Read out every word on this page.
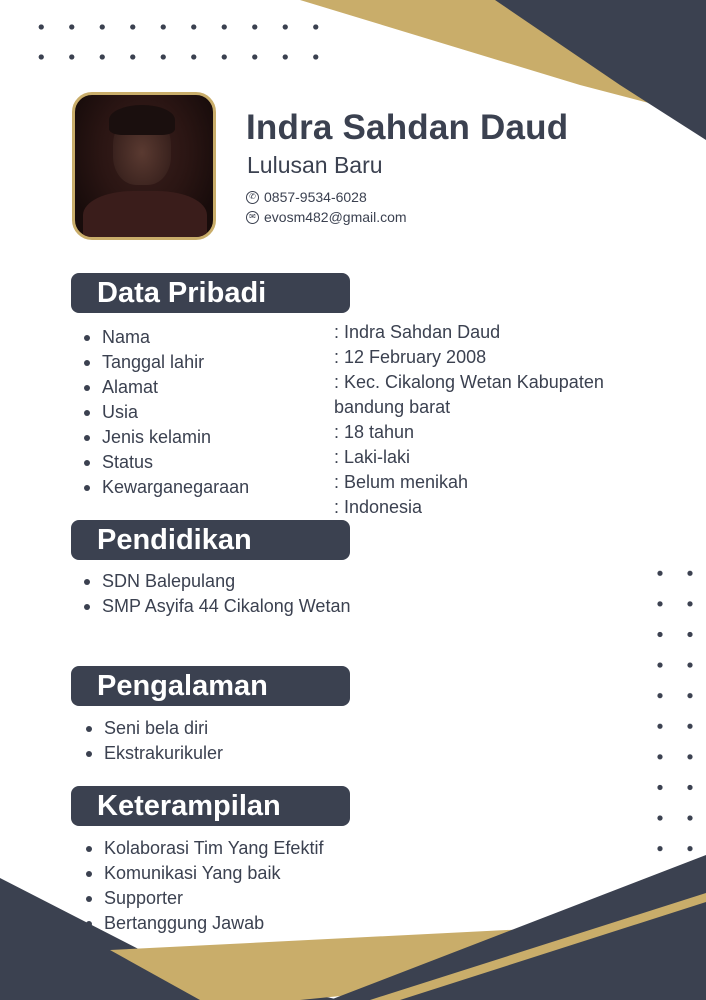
Indra Sahdan Daud
Lulusan Baru
✆ 0857-9534-6028
✉ evosm482@gmail.com
Data Pribadi
Nama
Tanggal lahir
Alamat
Usia
Jenis kelamin
Status
Kewarganegaraan
: Indra Sahdan Daud
: 12 February 2008
: Kec. Cikalong Wetan Kabupaten
bandung barat
: 18 tahun
: Laki-laki
: Belum menikah
: Indonesia
Pendidikan
SDN Balepulang
SMP Asyifa 44 Cikalong Wetan
Pengalaman
Seni bela diri
Ekstrakurikuler
Keterampilan
Kolaborasi Tim Yang Efektif
Komunikasi Yang baik
Supporter
Bertanggung Jawab
